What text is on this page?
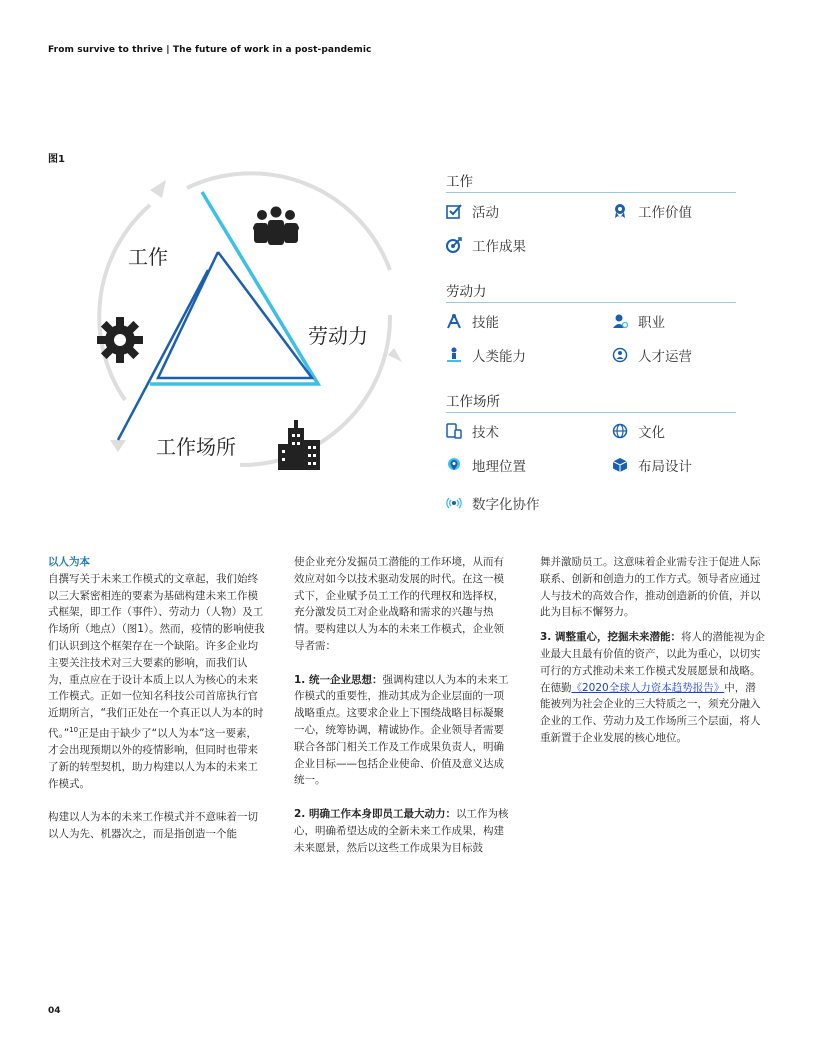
From survive to thrive | The future of work in a post-pandemic
图1
工作
劳动力
工作场所
工作
活动	工作价值
工作成果
劳动力
技能	职业
人类能力	人才运营
工作场所
技术	文化
地理位置	布局设计
数字化协作
以人为本

自撰写关于未来工作模式的文章起，我们始终以三大紧密相连的要素为基础构建未来工作模式框架，即工作（事件）、劳动力（人物）及工作场所（地点）（图1）。然而，疫情的影响使我们认识到这个框架存在一个缺陷。许多企业均主要关注技术对三大要素的影响，而我们认为，重点应在于设计本质上以人为核心的未来工作模式。正如一位知名科技公司首席执行官近期所言，“我们正处在一个真正以人为本的时代。”$^{10}$正是由于缺少了“以人为本”这一要素，才会出现预期以外的疫情影响，但同时也带来了新的转型契机，助力构建以人为本的未来工作模式。

构建以人为本的未来工作模式并不意味着一切以人为先、机器次之，而是指创造一个能

使企业充分发掘员工潜能的工作环境，从而有效应对如今以技术驱动发展的时代。在这一模式下，企业赋予员工工作的代理权和选择权，充分激发员工对企业战略和需求的兴趣与热情。要构建以人为本的未来工作模式，企业领导者需：

1. 统一企业思想：强调构建以人为本的未来工作模式的重要性，推动其成为企业层面的一项战略重点。这要求企业上下围绕战略目标凝聚一心，统筹协调，精诚协作。企业领导者需要联合各部门相关工作及工作成果负责人，明确企业目标——包括企业使命、价值及意义达成统一。

2. 明确工作本身即员工最大动力：以工作为核心，明确希望达成的全新未来工作成果，构建未来愿景，然后以这些工作成果为目标鼓

舞并激励员工。这意味着企业需专注于促进人际联系、创新和创造力的工作方式。领导者应通过人与技术的高效合作，推动创造新的价值，并以此为目标不懈努力。

3. 调整重心，挖掘未来潜能：将人的潜能视为企业最大且最有价值的资产，以此为重心，以切实可行的方式推动未来工作模式发展愿景和战略。在德勤《2020全球人力资本趋势报告》中，潜能被列为社会企业的三大特质之一，须充分融入企业的工作、劳动力及工作场所三个层面，将人重新置于企业发展的核心地位。

04
